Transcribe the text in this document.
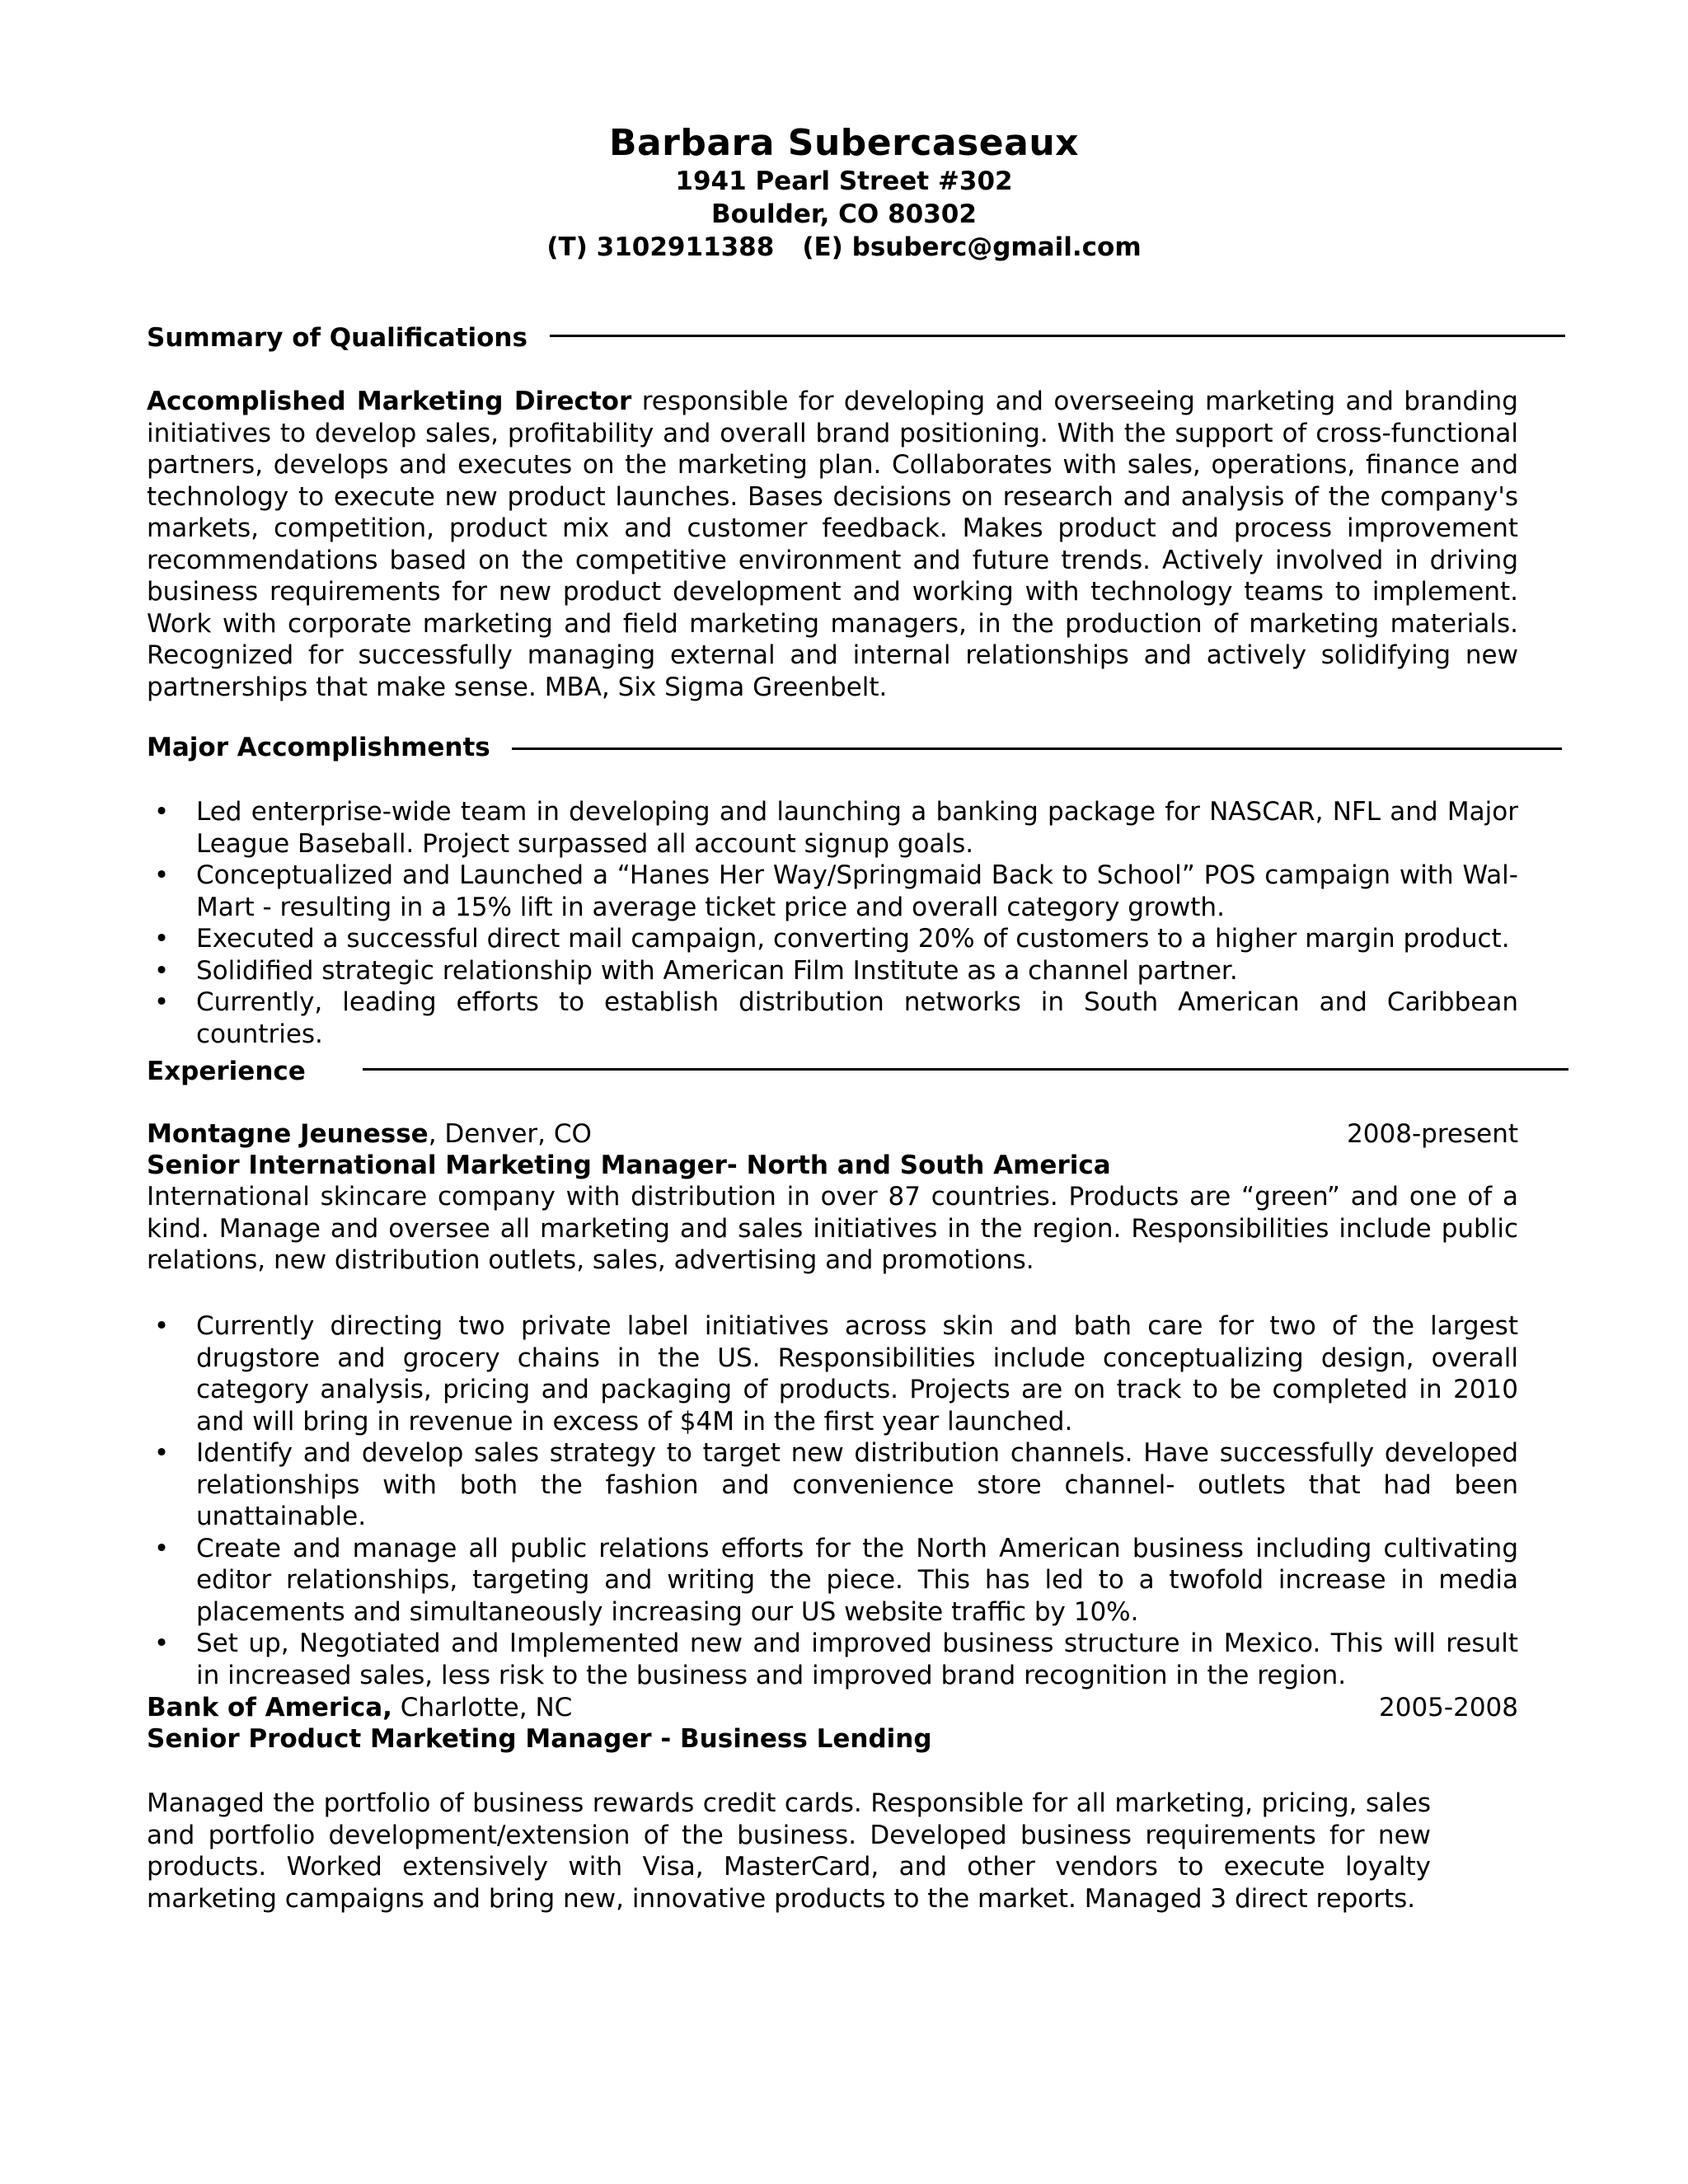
Barbara Subercaseaux
1941 Pearl Street #302
Boulder, CO 80302
(T) 3102911388 (E) bsuberc@gmail.com
Summary of Qualifications

Accomplished Marketing Director responsible for developing and overseeing marketing and branding initiatives to develop sales, profitability and overall brand positioning. With the support of cross-functional partners, develops and executes on the marketing plan. Collaborates with sales, operations, finance and technology to execute new product launches. Bases decisions on research and analysis of the company's markets, competition, product mix and customer feedback. Makes product and process improvement recommendations based on the competitive environment and future trends. Actively involved in driving business requirements for new product development and working with technology teams to implement. Work with corporate marketing and field marketing managers, in the production of marketing materials. Recognized for successfully managing external and internal relationships and actively solidifying new partnerships that make sense. MBA, Six Sigma Greenbelt.

Major Accomplishments
• Led enterprise-wide team in developing and launching a banking package for NASCAR, NFL and Major League Baseball. Project surpassed all account signup goals.
• Conceptualized and Launched a “Hanes Her Way/Springmaid Back to School” POS campaign with Wal-Mart - resulting in a 15% lift in average ticket price and overall category growth.
• Executed a successful direct mail campaign, converting 20% of customers to a higher margin product.
• Solidified strategic relationship with American Film Institute as a channel partner.
• Currently, leading efforts to establish distribution networks in South American and Caribbean countries.
Experience
Montagne Jeunesse, Denver, CO	2008-present
Senior International Marketing Manager- North and South America
International skincare company with distribution in over 87 countries. Products are “green” and one of a kind. Manage and oversee all marketing and sales initiatives in the region. Responsibilities include public relations, new distribution outlets, sales, advertising and promotions.
• Currently directing two private label initiatives across skin and bath care for two of the largest drugstore and grocery chains in the US. Responsibilities include conceptualizing design, overall category analysis, pricing and packaging of products. Projects are on track to be completed in 2010 and will bring in revenue in excess of $4M in the first year launched.
• Identify and develop sales strategy to target new distribution channels. Have successfully developed relationships with both the fashion and convenience store channel- outlets that had been unattainable.
• Create and manage all public relations efforts for the North American business including cultivating editor relationships, targeting and writing the piece. This has led to a twofold increase in media placements and simultaneously increasing our US website traffic by 10%.
• Set up, Negotiated and Implemented new and improved business structure in Mexico. This will result in increased sales, less risk to the business and improved brand recognition in the region.
Bank of America, Charlotte, NC	2005-2008
Senior Product Marketing Manager - Business Lending
Managed the portfolio of business rewards credit cards. Responsible for all marketing, pricing, sales and portfolio development/extension of the business. Developed business requirements for new products. Worked extensively with Visa, MasterCard, and other vendors to execute loyalty marketing campaigns and bring new, innovative products to the market. Managed 3 direct reports.
